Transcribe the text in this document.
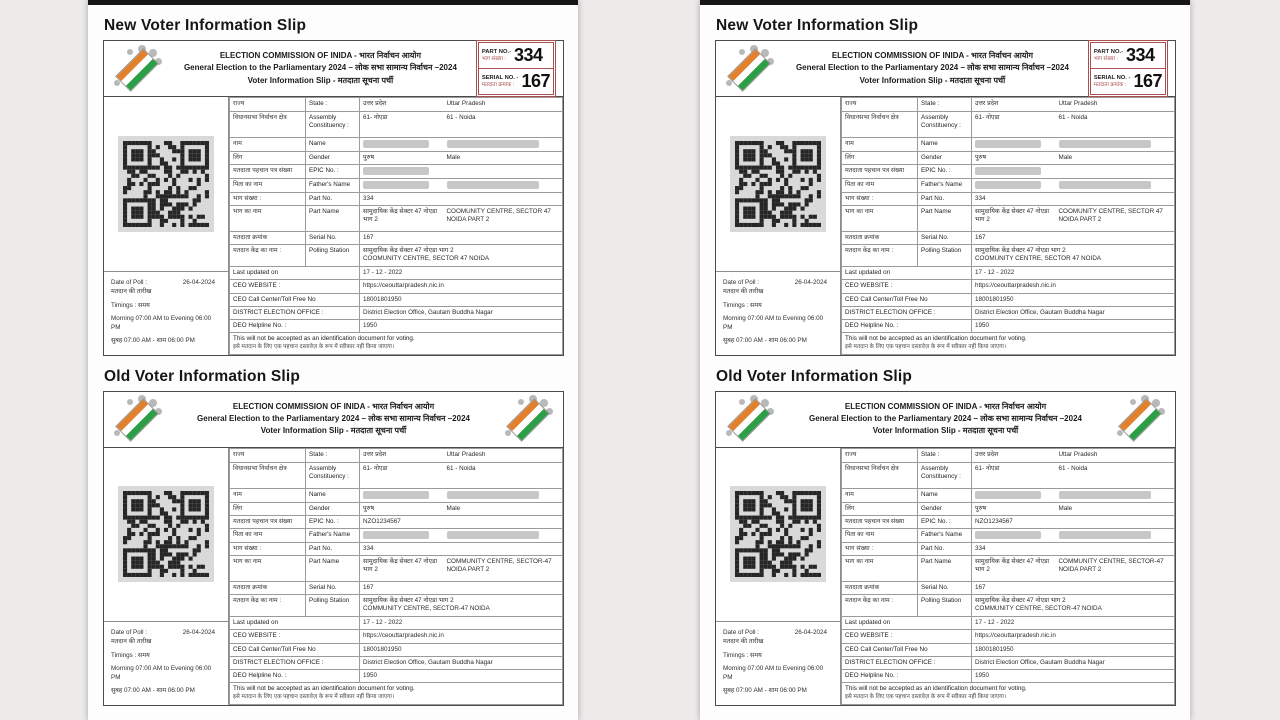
New Voter Information Slip
ELECTION COMMISSION OF INIDA - भारत निर्वाचन आयोग
General Election to the Parliamentary 2024 – लोक सभा सामान्य निर्वाचन –2024
Voter Information Slip - मतदाता सूचना पर्ची
PART NO.-
भाग संख्या : 334
SERIAL NO. -
मतदाता क्रमांक : 167
Date of Poll :	26-04-2024
मतदान की तारीख
Timings : समय
Morning 07:00 AM to Evening 06:00 PM
सुबह 07:00 AM - शाम 06:00 PM
राज्य	State :	उत्तर प्रदेश	Uttar Pradesh
विधानसभा निर्वाचन क्षेत्र	Assembly Constituency :	61- नोएडा	61 - Noida
नाम	Name		
लिंग	Gender	पुरुष	Male
मतदाता पहचान पत्र संख्या	EPIC No. :		
पिता का नाम	Father's Name		
भाग संख्या :	Part No.	334	
भाग का नाम	Part Name	सामुदायिक केंद्र सेक्टर 47 नोएडा भाग 2	COOMUNITY CENTRE, SECTOR 47 NOIDA PART 2
मतदाता क्रमांक	Serial No.	167	
मतदान केंद्र का नाम :	Polling Station	सामुदायिक केंद्र सेक्टर 47 नोएडा भाग 2
COOMUNITY CENTRE, SECTOR 47 NOIDA	
Last updated on	17 - 12 - 2022
CEO WEBSITE :	https://ceouttarpradesh.nic.in
CEO Call Center/Toll Free No	18001801950
DISTRICT ELECTION OFFICE :	District Election Office, Gautam Buddha Nagar
DEO Helpline No. :	1950

This will not be accepted as an identification document for voting.
इसे मतदान के लिए एक पहचान दस्तावेज़ के रूप में स्वीकार नहीं किया जाएगा।	
Old Voter Information Slip
ELECTION COMMISSION OF INIDA - भारत निर्वाचन आयोग
General Election to the Parliamentary 2024 – लोक सभा सामान्य निर्वाचन –2024
Voter Information Slip - मतदाता सूचना पर्ची
Date of Poll :	26-04-2024
मतदान की तारीख
Timings : समय
Morning 07:00 AM to Evening 06:00 PM
सुबह 07:00 AM - शाम 06:00 PM
राज्य	State :	उत्तर प्रदेश	Uttar Pradesh
विधानसभा निर्वाचन क्षेत्र	Assembly Constituency :	61- नोएडा	61 - Noida
नाम	Name		
लिंग	Gender	पुरुष	Male
मतदाता पहचान पत्र संख्या	EPIC No. :	NZO1234567	
पिता का नाम	Father's Name		
भाग संख्या :	Part No.	334	
भाग का नाम	Part Name	सामुदायिक केंद्र सेक्टर 47 नोएडा भाग 2	COMMUNITY CENTRE, SECTOR-47 NOIDA PART 2
मतदाता क्रमांक	Serial No.	167	
मतदान केंद्र का नाम :	Polling Station	सामुदायिक केंद्र सेक्टर 47 नोएडा भाग 2
COMMUNITY CENTRE, SECTOR-47 NOIDA	
Last updated on	17 - 12 - 2022
CEO WEBSITE :	https://ceouttarpradesh.nic.in
CEO Call Center/Toll Free No	18001801950
DISTRICT ELECTION OFFICE :	District Election Office, Gautam Buddha Nagar
DEO Helpline No. :	1950

This will not be accepted as an identification document for voting.
इसे मतदान के लिए एक पहचान दस्तावेज़ के रूप में स्वीकार नहीं किया जाएगा।	
New Voter Information Slip
ELECTION COMMISSION OF INIDA - भारत निर्वाचन आयोग
General Election to the Parliamentary 2024 – लोक सभा सामान्य निर्वाचन –2024
Voter Information Slip - मतदाता सूचना पर्ची
PART NO.-
भाग संख्या : 334
SERIAL NO. -
मतदाता क्रमांक : 167
Date of Poll :	26-04-2024
मतदान की तारीख
Timings : समय
Morning 07:00 AM to Evening 06:00 PM
सुबह 07:00 AM - शाम 06:00 PM
राज्य	State :	उत्तर प्रदेश	Uttar Pradesh
विधानसभा निर्वाचन क्षेत्र	Assembly Constituency :	61- नोएडा	61 - Noida
नाम	Name		
लिंग	Gender	पुरुष	Male
मतदाता पहचान पत्र संख्या	EPIC No. :		
पिता का नाम	Father's Name		
भाग संख्या :	Part No.	334	
भाग का नाम	Part Name	सामुदायिक केंद्र सेक्टर 47 नोएडा भाग 2	COOMUNITY CENTRE, SECTOR 47 NOIDA PART 2
मतदाता क्रमांक	Serial No.	167	
मतदान केंद्र का नाम :	Polling Station	सामुदायिक केंद्र सेक्टर 47 नोएडा भाग 2
COOMUNITY CENTRE, SECTOR 47 NOIDA	
Last updated on	17 - 12 - 2022
CEO WEBSITE :	https://ceouttarpradesh.nic.in
CEO Call Center/Toll Free No	18001801950
DISTRICT ELECTION OFFICE :	District Election Office, Gautam Buddha Nagar
DEO Helpline No. :	1950

This will not be accepted as an identification document for voting.
इसे मतदान के लिए एक पहचान दस्तावेज़ के रूप में स्वीकार नहीं किया जाएगा।	
Old Voter Information Slip
ELECTION COMMISSION OF INIDA - भारत निर्वाचन आयोग
General Election to the Parliamentary 2024 – लोक सभा सामान्य निर्वाचन –2024
Voter Information Slip - मतदाता सूचना पर्ची
Date of Poll :	26-04-2024
मतदान की तारीख
Timings : समय
Morning 07:00 AM to Evening 06:00 PM
सुबह 07:00 AM - शाम 06:00 PM
राज्य	State :	उत्तर प्रदेश	Uttar Pradesh
विधानसभा निर्वाचन क्षेत्र	Assembly Constituency :	61- नोएडा	61 - Noida
नाम	Name		
लिंग	Gender	पुरुष	Male
मतदाता पहचान पत्र संख्या	EPIC No. :	NZO1234567	
पिता का नाम	Father's Name		
भाग संख्या :	Part No.	334	
भाग का नाम	Part Name	सामुदायिक केंद्र सेक्टर 47 नोएडा भाग 2	COMMUNITY CENTRE, SECTOR-47 NOIDA PART 2
मतदाता क्रमांक	Serial No.	167	
मतदान केंद्र का नाम :	Polling Station	सामुदायिक केंद्र सेक्टर 47 नोएडा भाग 2
COMMUNITY CENTRE, SECTOR-47 NOIDA	
Last updated on	17 - 12 - 2022
CEO WEBSITE :	https://ceouttarpradesh.nic.in
CEO Call Center/Toll Free No	18001801950
DISTRICT ELECTION OFFICE :	District Election Office, Gautam Buddha Nagar
DEO Helpline No. :	1950

This will not be accepted as an identification document for voting.
इसे मतदान के लिए एक पहचान दस्तावेज़ के रूप में स्वीकार नहीं किया जाएगा।	
